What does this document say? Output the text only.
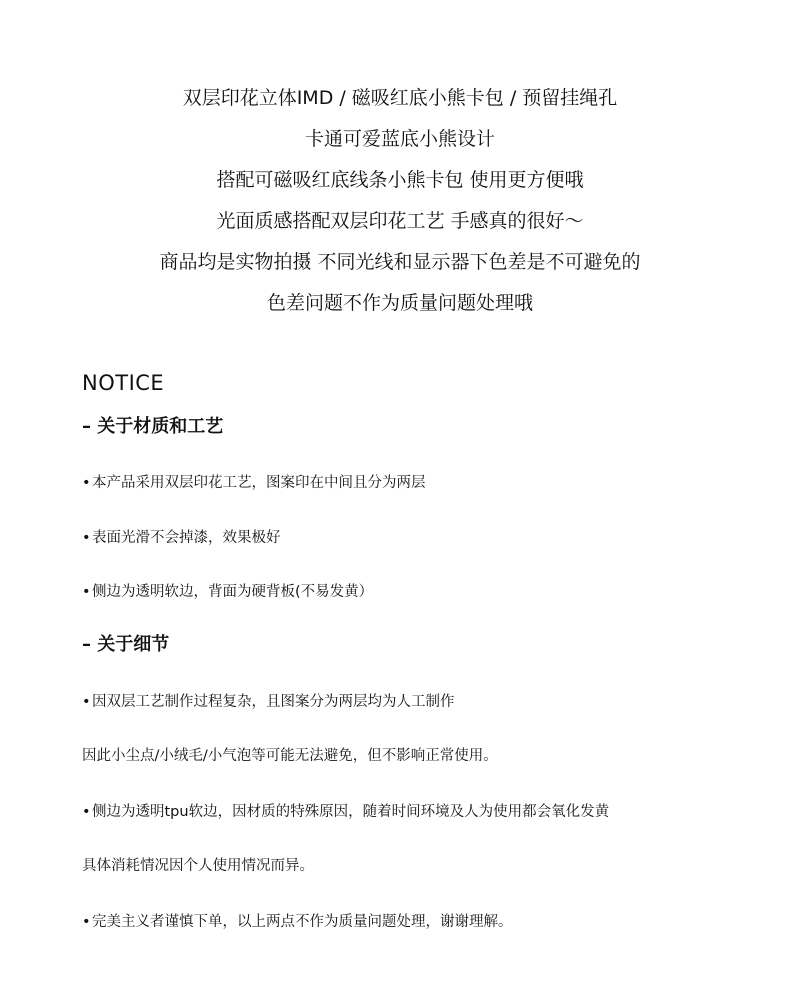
双层印花立体IMD / 磁吸红底小熊卡包 / 预留挂绳孔
卡通可爱蓝底小熊设计
搭配可磁吸红底线条小熊卡包 使用更方便哦
光面质感搭配双层印花工艺 手感真的很好～
商品均是实物拍摄 不同光线和显示器下色差是不可避免的
色差问题不作为质量问题处理哦
NOTICE
– 关于材质和工艺
•本产品采用双层印花工艺，图案印在中间且分为两层
•表面光滑不会掉漆，效果极好
•侧边为透明软边，背面为硬背板(不易发黄）
– 关于细节
•因双层工艺制作过程复杂，且图案分为两层均为人工制作
因此小尘点/小绒毛/小气泡等可能无法避免，但不影响正常使用。
•侧边为透明tpu软边，因材质的特殊原因，随着时间环境及人为使用都会氧化发黄
具体消耗情况因个人使用情况而异。
•完美主义者谨慎下单，以上两点不作为质量问题处理，谢谢理解。
